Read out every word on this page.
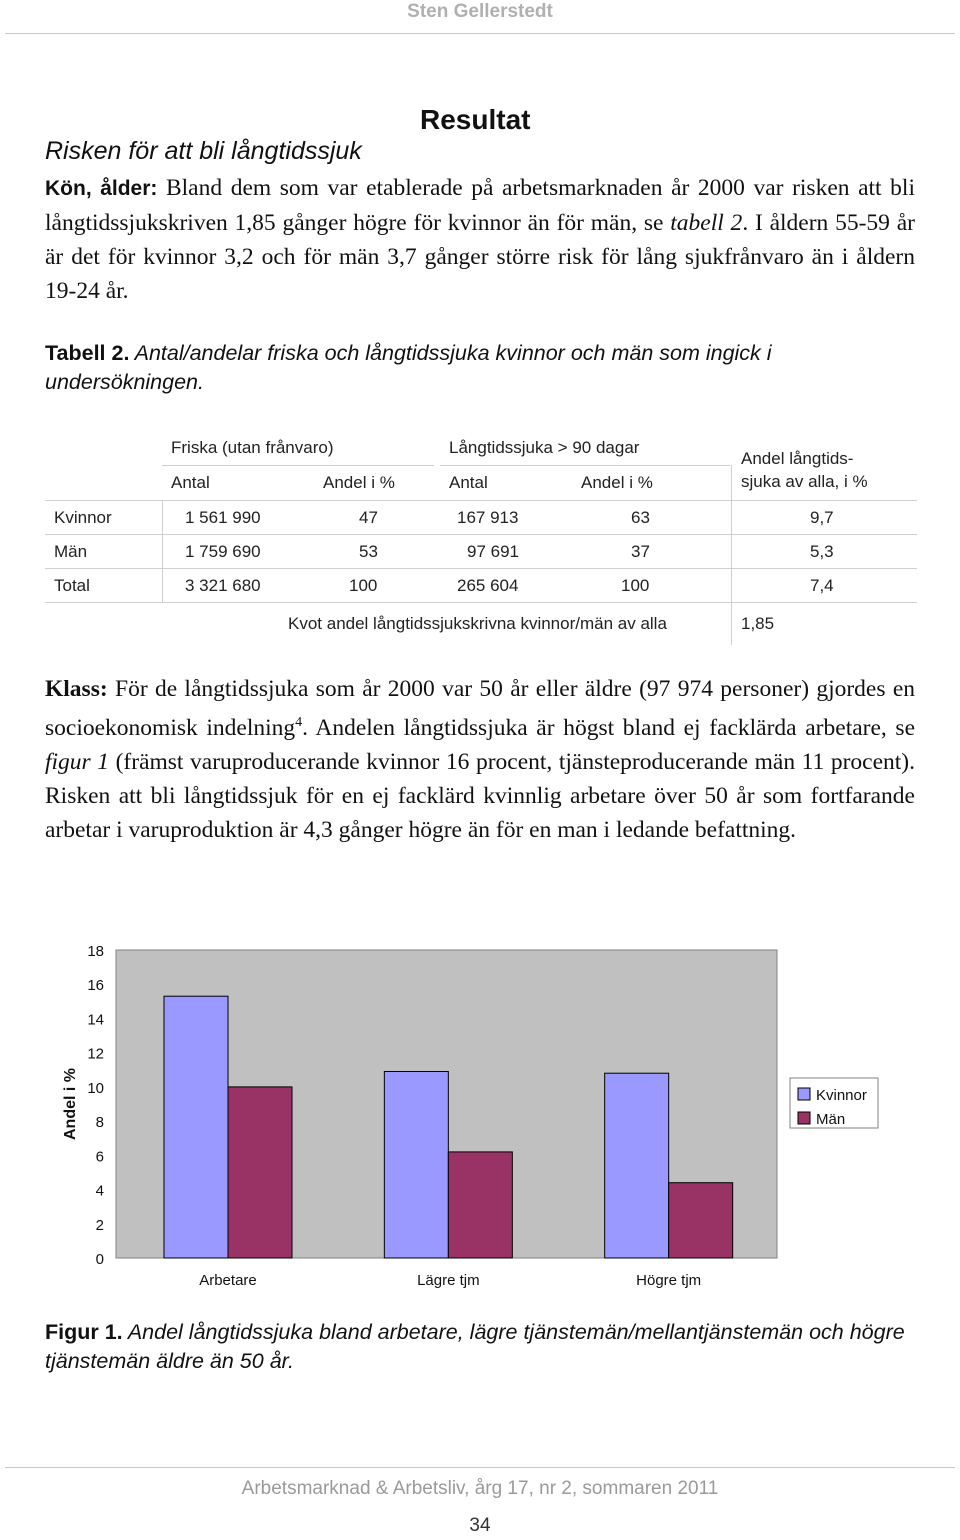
Sten Gellerstedt
Resultat
Risken för att bli långtidssjuk
Kön, ålder: Bland dem som var etablerade på arbetsmarknaden år 2000 var risken att bli långtidssjukskriven 1,85 gånger högre för kvinnor än för män, se tabell 2. I åldern 55-59 år är det för kvinnor 3,2 och för män 3,7 gånger större risk för lång sjukfrånvaro än i åldern 19-24 år.
Tabell 2. Antal/andelar friska och långtidssjuka kvinnor och män som ingick i undersökningen.
Friska (utan frånvaro)	Långtidssjuka > 90 dagar
Andel långtids-
sjuka av alla, i %
Antal	Andel i %	Antal	Andel i %
Kvinnor	1 561 990	47	167 913	63	9,7
Män	1 759 690	53	97 691	37	5,3
Total	3 321 680	100	265 604	100	7,4
Kvot andel långtidssjukskrivna kvinnor/män av alla	1,85
Klass: För de långtidssjuka som år 2000 var 50 år eller äldre (97 974 personer) gjordes en socioekonomisk indelning$^4$. Andelen långtidssjuka är högst bland ej facklärda arbetare, se figur 1 (främst varuproducerande kvinnor 16 procent, tjänsteproducerande män 11 procent). Risken att bli långtidssjuk för en ej facklärd kvinnlig arbetare över 50 år som fortfarande arbetar i varuproduktion är 4,3 gånger högre än för en man i ledande befattning.
0
2
4
6
8
10
12
14
16
18
Arbetare	Lägre tjm	Högre tjm
Kvinnor
Män
Andel i %
Figur 1. Andel långtidssjuka bland arbetare, lägre tjänstemän/mellantjänstemän och högre tjänstemän äldre än 50 år.
Arbetsmarknad & Arbetsliv, årg 17, nr 2, sommaren 2011
34
